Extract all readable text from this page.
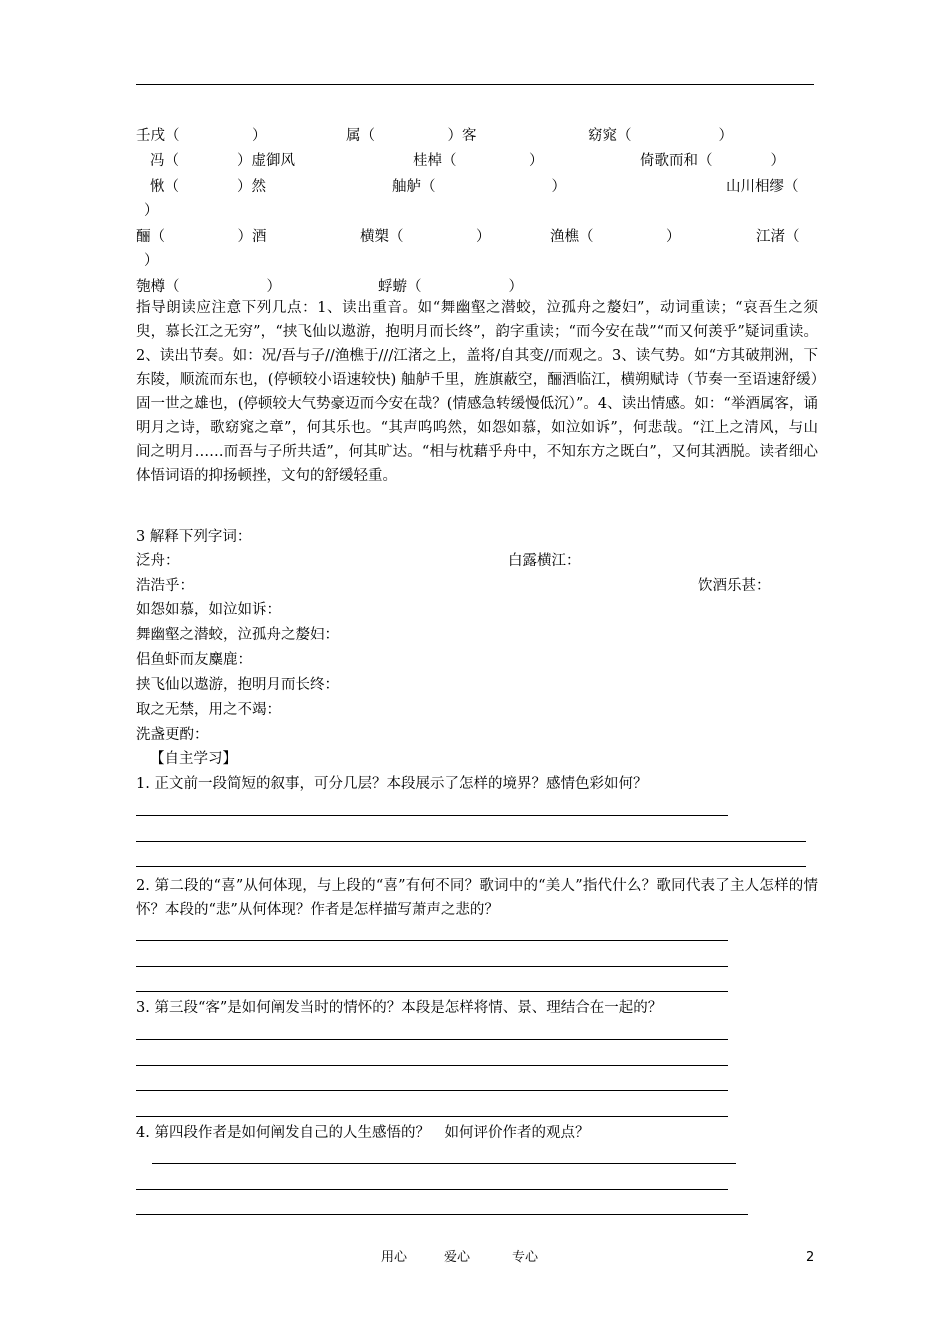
壬戌（　　　　　）	属（　　　　　）客	窈窕（　　　　　　）
冯（　　　　）虚御风	桂棹（　　　　　）	倚歌而和（　　　　）
愀（　　　　）然	舳舻（　　　　　　　　）	山川相缪（
）
酾（　　　　　）酒	横槊（　　　　　）	渔樵（　　　　　）	江渚（
）
匏樽（　　　　　　）	蜉蝣（　　　　　　）
指导朗读应注意下列几点：1、读出重音。如“舞幽壑之潜蛟，泣孤舟之嫠妇”，动词重读；“哀吾生之须臾，慕长江之无穷”，“挟飞仙以遨游，抱明月而长终”，韵字重读；“而今安在哉”“而又何羡乎”疑词重读。2、读出节奏。如：况/吾与子//渔樵于///江渚之上，盖将/自其变//而观之。3、读气势。如“方其破荆洲，下东陵，顺流而东也，(停顿较小语速较快) 舳舻千里，旌旗蔽空，酾酒临江，横朔赋诗（节奏一至语速舒缓）固一世之雄也，(停顿较大气势豪迈而今安在哉？(情感急转缓慢低沉）”。4、读出情感。如：“举酒属客，诵明月之诗，歌窈窕之章”，何其乐也。“其声呜呜然，如怨如慕，如泣如诉”，何悲哉。“江上之清风，与山间之明月……而吾与子所共适”，何其旷达。“相与枕藉乎舟中，不知东方之既白”，又何其洒脱。读者细心体悟词语的抑扬顿挫，文句的舒缓轻重。
3 解释下列字词：
泛舟：	白露横江：
浩浩乎：	饮酒乐甚：
如怨如慕，如泣如诉：
舞幽壑之潜蛟，泣孤舟之嫠妇：
侣鱼虾而友麋鹿：
挟飞仙以遨游，抱明月而长终：
取之无禁，用之不竭：
洗盏更酌：
【自主学习】
1. 正文前一段简短的叙事，可分几层？本段展示了怎样的境界？感情色彩如何？
2. 第二段的“喜”从何体现，与上段的“喜”有何不同？歌词中的“美人”指代什么？歌同代表了主人怎样的情怀？本段的“悲”从何体现？作者是怎样描写萧声之悲的？
3. 第三段“客”是如何阐发当时的情怀的？本段是怎样将情、景、理结合在一起的？
4. 第四段作者是如何阐发自己的人生感悟的？　如何评价作者的观点？
用心	爱心	专心	2
